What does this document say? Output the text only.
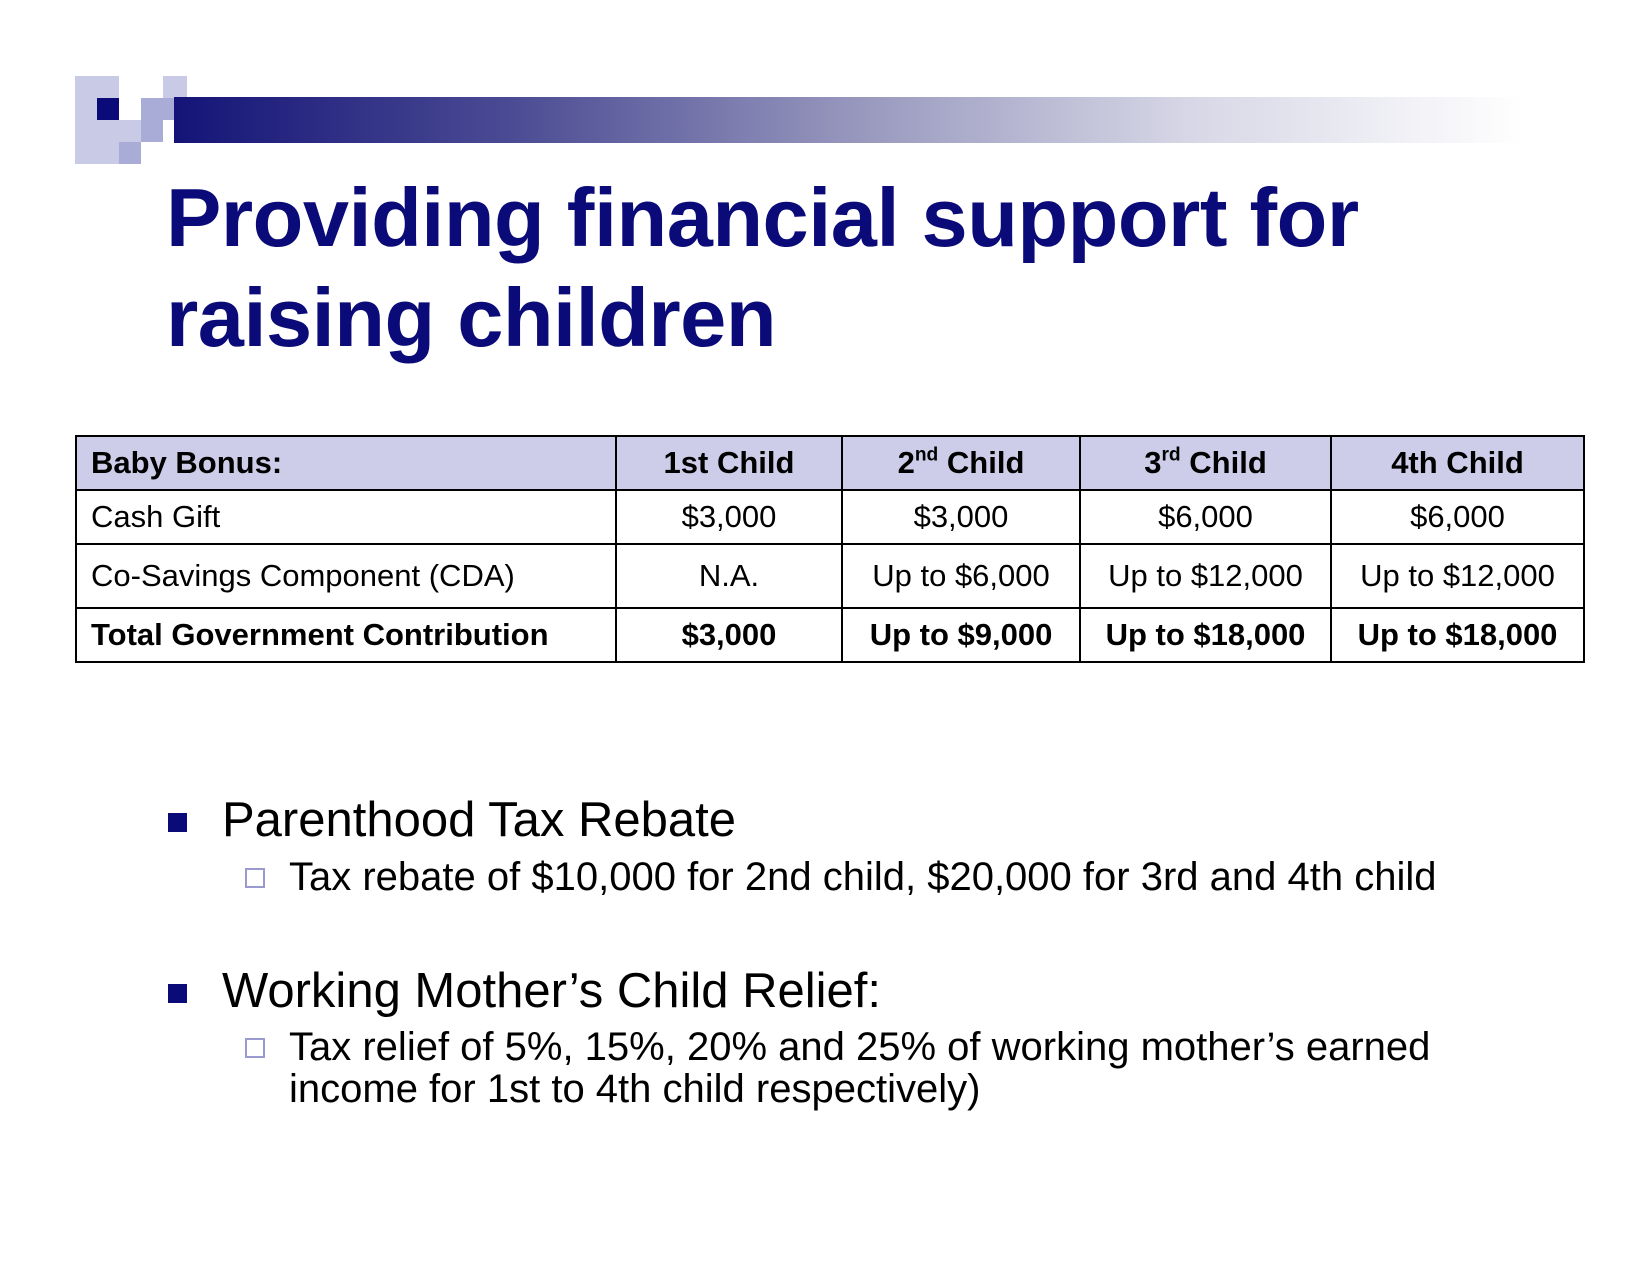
Providing financial support for raising children
Baby Bonus:	1st Child	2nd Child	3rd Child	4th Child
Cash Gift	$3,000	$3,000	$6,000	$6,000
Co-Savings Component (CDA)	N.A.	Up to $6,000	Up to $12,000	Up to $12,000
Total Government Contribution	$3,000	Up to $9,000	Up to $18,000	Up to $18,000
Parenthood Tax Rebate
Tax rebate of $10,000 for 2nd child, $20,000 for 3rd and 4th child
Working Mother’s Child Relief:
Tax relief of 5%, 15%, 20% and 25% of working mother’s earned income for 1st to 4th child respectively)
